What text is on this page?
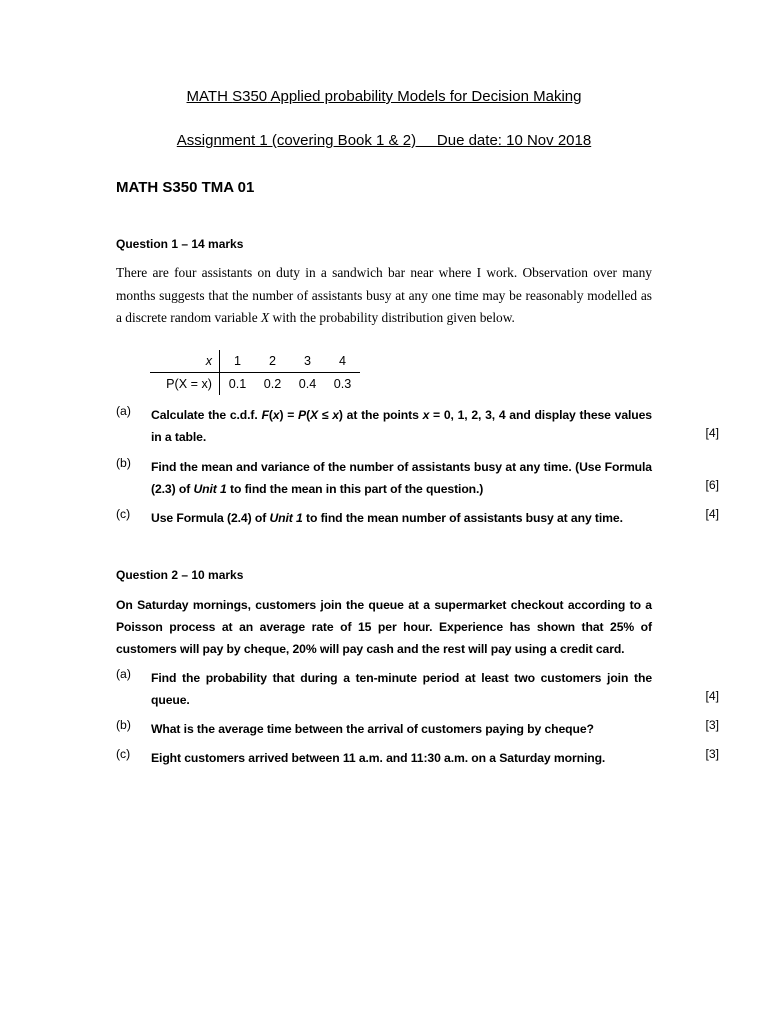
MATH S350 Applied probability Models for Decision Making
Assignment 1 (covering Book 1 & 2)     Due date: 10 Nov 2018
MATH S350 TMA 01
Question 1 – 14 marks
There are four assistants on duty in a sandwich bar near where I work. Observation over many months suggests that the number of assistants busy at any one time may be reasonably modelled as a discrete random variable X with the probability distribution given below.
x	1	2	3	4
P(X = x)	0.1	0.2	0.4	0.3
(a) Calculate the c.d.f. F(x) = P(X ≤ x) at the points x = 0, 1, 2, 3, 4 and display these values in a table.	[4]
(b) Find the mean and variance of the number of assistants busy at any time. (Use Formula (2.3) of Unit 1 to find the mean in this part of the question.)	[6]
(c) Use Formula (2.4) of Unit 1 to find the mean number of assistants busy at any time.	[4]
Question 2 – 10 marks
On Saturday mornings, customers join the queue at a supermarket checkout according to a Poisson process at an average rate of 15 per hour. Experience has shown that 25% of customers will pay by cheque, 20% will pay cash and the rest will pay using a credit card.
(a) Find the probability that during a ten-minute period at least two customers join the queue.	[4]
(b) What is the average time between the arrival of customers paying by cheque?	[3]
(c) Eight customers arrived between 11 a.m. and 11:30 a.m. on a Saturday morning.	[3]
